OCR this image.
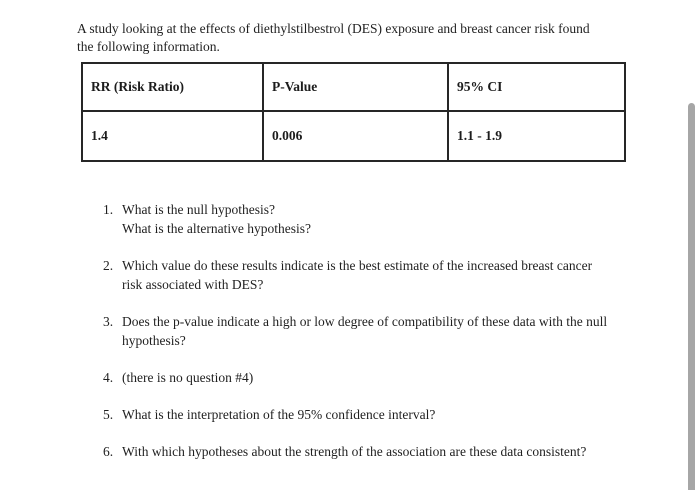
A study looking at the effects of diethylstilbestrol (DES) exposure and breast cancer risk found
the following information.

RR (Risk Ratio)	P-Value	95% CI
1.4	0.006	1.1 - 1.9
1. What is the null hypothesis?
What is the alternative hypothesis?
2. Which value do these results indicate is the best estimate of the increased breast cancer
risk associated with DES?
3. Does the p-value indicate a high or low degree of compatibility of these data with the null
hypothesis?
4. (there is no question #4)
5. What is the interpretation of the 95% confidence interval?
6. With which hypotheses about the strength of the association are these data consistent?
